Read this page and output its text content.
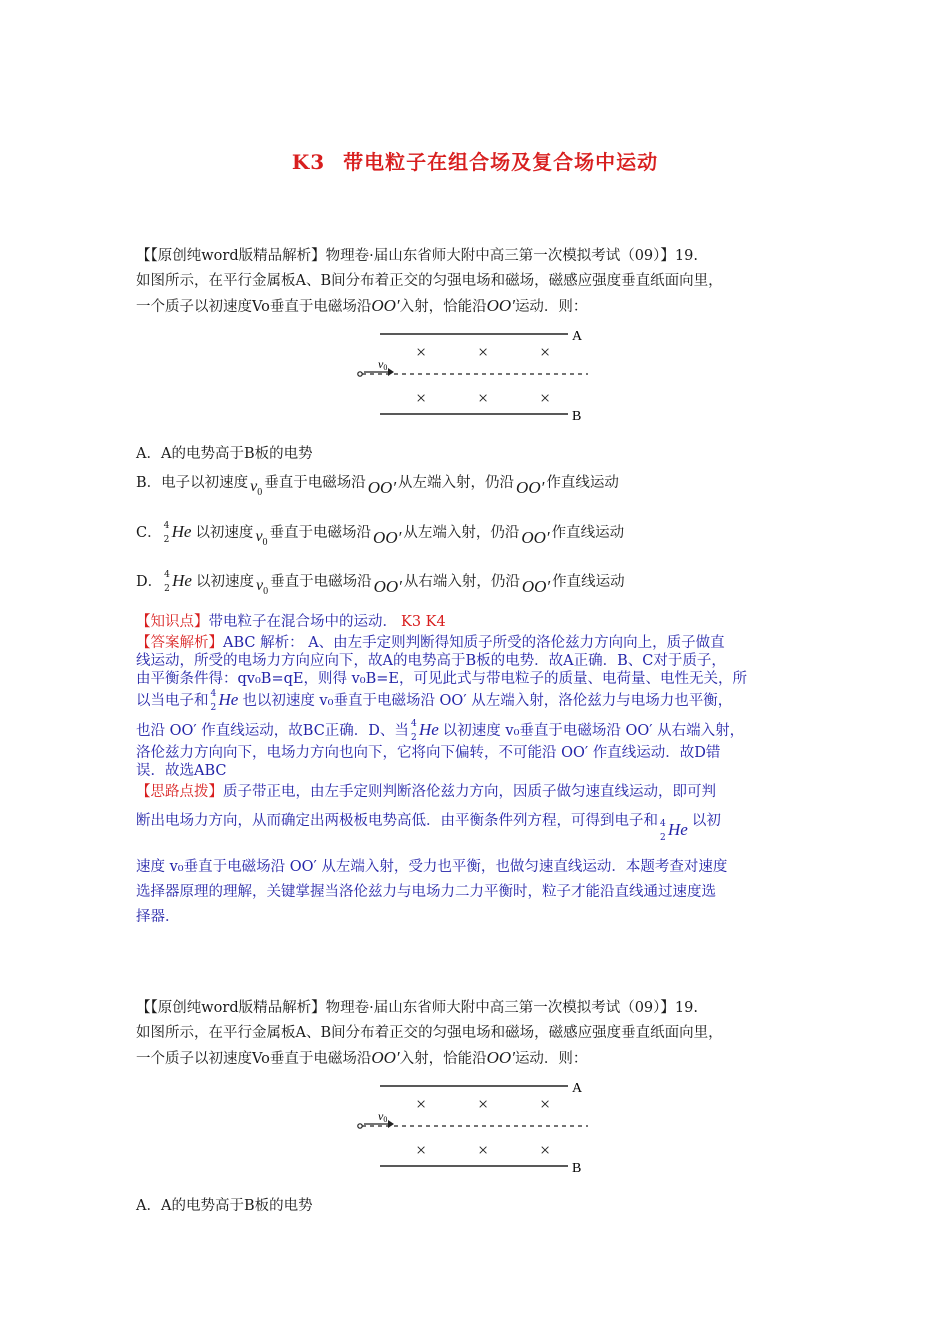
K3 带电粒子在组合场及复合场中运动
【【原创纯word版精品解析】物理卷·届山东省师大附中高三第一次模拟考试（09）】19.
如图所示，在平行金属板A、B间分布着正交的匀强电场和磁场，磁感应强度垂直纸面向里，
一个质子以初速度Vo垂直于电磁场沿OO′入射，恰能沿OO′运动．则：
A
B
v0
×	×	×
×	×	×
A．A的电势高于B板的电势
B．电子以初速度 $v_0$垂直于电磁场沿 OO′ 从左端入射，仍沿 OO′ 作直线运动
C． 4
2 He 以初速度 $v_0$垂直于电磁场沿 OO′ 从左端入射，仍沿 OO′ 作直线运动
D． 4
2 He 以初速度 $v_0$垂直于电磁场沿 OO′ 从右端入射，仍沿 OO′ 作直线运动
【知识点】带电粒子在混合场中的运动． K3 K4
【答案解析】ABC 解析： A、由左手定则判断得知质子所受的洛伦兹力方向向上，质子做直
线运动，所受的电场力方向应向下，故A的电势高于B板的电势．故A正确．B、C对于质子，
由平衡条件得：qv₀B=qE，则得 v₀B=E，可见此式与带电粒子的质量、电荷量、电性无关，所
以当电子和 4
2 He 也以初速度 v₀垂直于电磁场沿 OO′ 从左端入射，洛伦兹力与电场力也平衡，
也沿 OO′ 作直线运动，故BC正确．D、当 4
2 He 以初速度 v₀垂直于电磁场沿 OO′ 从右端入射，
洛伦兹力方向向下，电场力方向也向下，它将向下偏转，不可能沿 OO′ 作直线运动．故D错
误．故选ABC
【思路点拨】质子带正电，由左手定则判断洛伦兹力方向，因质子做匀速直线运动，即可判
断出电场力方向，从而确定出两极板电势高低．由平衡条件列方程，可得到电子和 4
2 He 以初
速度 v₀垂直于电磁场沿 OO′ 从左端入射，受力也平衡，也做匀速直线运动．本题考查对速度
选择器原理的理解，关键掌握当洛伦兹力与电场力二力平衡时，粒子才能沿直线通过速度选
择器．
【【原创纯word版精品解析】物理卷·届山东省师大附中高三第一次模拟考试（09）】19.
如图所示，在平行金属板A、B间分布着正交的匀强电场和磁场，磁感应强度垂直纸面向里，
一个质子以初速度Vo垂直于电磁场沿OO′入射，恰能沿OO′运动．则：
A
B
v0
×	×	×
×	×	×
A．A的电势高于B板的电势
